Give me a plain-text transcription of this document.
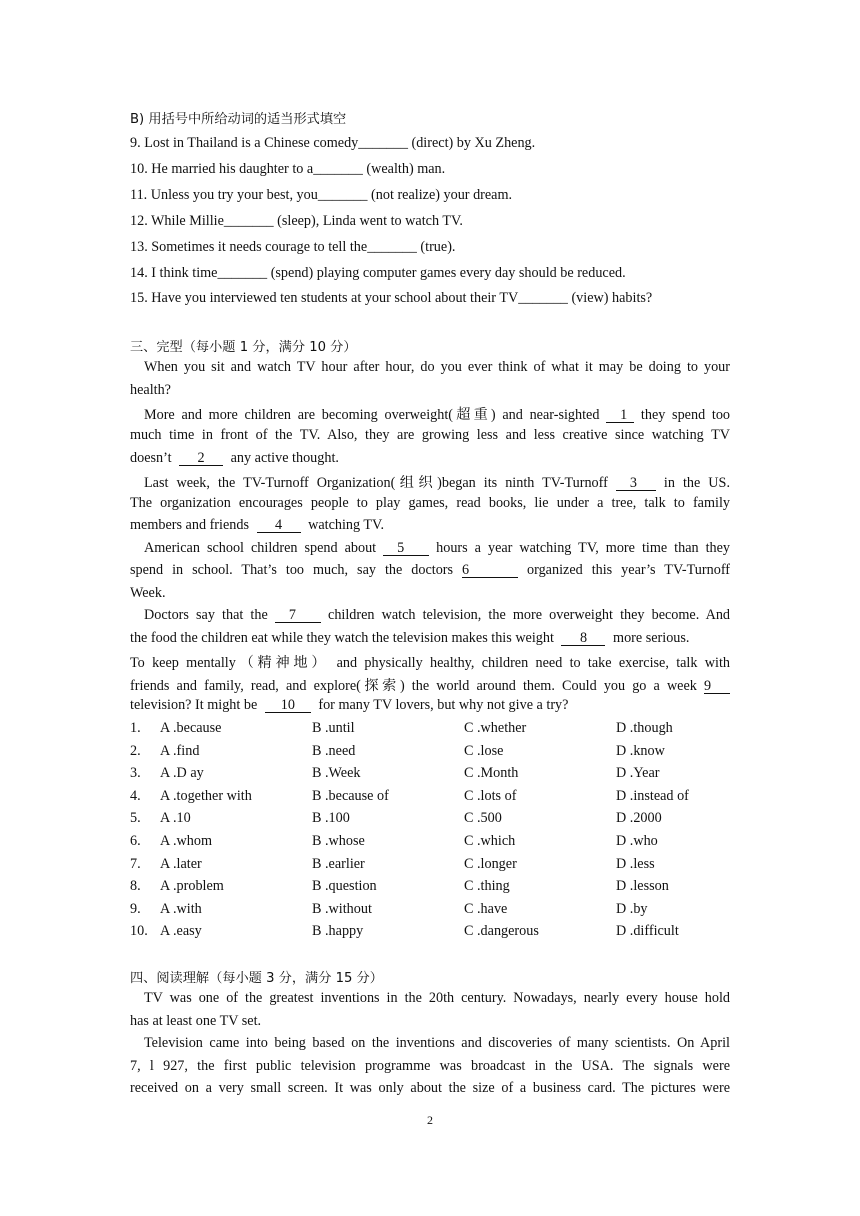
B) 用括号中所给动词的适当形式填空
9. Lost in Thailand is a Chinese comedy_______ (direct) by Xu Zheng.
10. He married his daughter to a_______ (wealth) man.
11. Unless you try your best, you_______ (not realize) your dream.
12. While Millie_______ (sleep), Linda went to watch TV.
13. Sometimes it needs courage to tell the_______ (true).
14. I think time_______ (spend) playing computer games every day should be reduced.
15. Have you interviewed ten students at your school about their TV_______ (view) habits?
三、完型（每小题 1 分，满分 10 分）
When you sit and watch TV hour after hour, do you ever think of what it may be doing to your
health?
More and more children are becoming overweight(超重) and near-sighted 1 they spend too
much time in front of the TV. Also, they are growing less and less creative since watching TV
doesn’t 2 any active thought.
Last week, the TV-Turnoff Organization(组织)began its ninth TV-Turnoff 3 in the US.
The organization encourages people to play games, read books, lie under a tree, talk to family
members and friends 4 watching TV.
American school children spend about 5 hours a year watching TV, more time than they
spend in school. That’s too much, say the doctors 6	organized this year’s TV-Turnoff
Week.
Doctors say that the 7 children watch television, the more overweight they become. And
the food the children eat while they watch the television makes this weight 8 more serious.
To keep mentally（精神地） and physically healthy, children need to take exercise, talk with
friends and family, read, and explore(探索) the world around them. Could you go a week 9
television? It might be 10 for many TV lovers, but why not give a try?
1. A .because	B .until	C .whether	D .though
2. A .find	B .need	C .lose	D .know
3. A .D ay	B .Week	C .Month	D .Year
4. A .together with	B .because of	C .lots of	D .instead of
5. A .10	B .100	C .500	D .2000
6. A .whom	B .whose	C .which	D .who
7. A .later	B .earlier	C .longer	D .less
8. A .problem	B .question	C .thing	D .lesson
9. A .with	B .without	C .have	D .by
10. A .easy	B .happy	C .dangerous	D .difficult
四、阅读理解（每小题 3 分，满分 15 分）
TV was one of the greatest inventions in the 20th century. Nowadays, nearly every house hold
has at least one TV set.
Television came into being based on the inventions and discoveries of many scientists. On April
7, l 927, the first public television programme was broadcast in the USA. The signals were
received on a very small screen. It was only about the size of a business card. The pictures were
2
